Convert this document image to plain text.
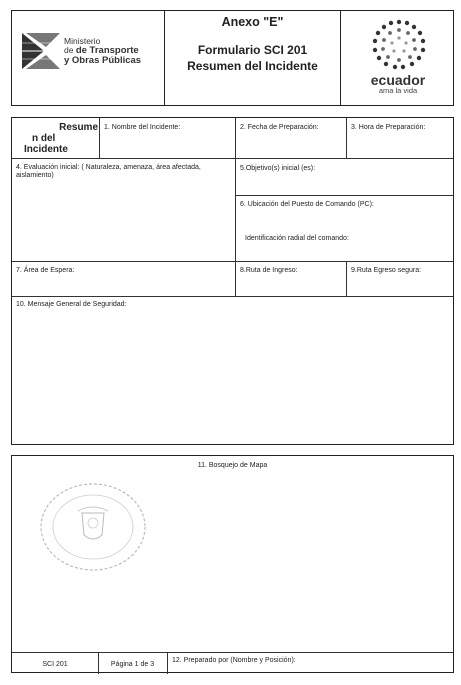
Ministerio
de de Transporte
y Obras Públicas
Anexo "E"
Formulario SCI 201
Resumen del Incidente
ecuador
ama la vida
Resume
n del
Incidente
1. Nombre del Incidente:	2. Fecha de Preparación:	3. Hora de Preparación:
4. Evaluación inicial: ( Naturaleza, amenaza, área afectada,
aislamiento)
5.Objetivo(s) inicial (es):
6. Ubicación del Puesto de Comando (PC):
Identificación radial del comando:
7. Área de Espera:	8.Ruta de Ingreso:	9.Ruta Egreso segura:
10. Mensaje General de Seguridad:
11. Bosquejo de Mapa
SCI 201	Página 1 de 3
12. Preparado por (Nombre y Posición):
